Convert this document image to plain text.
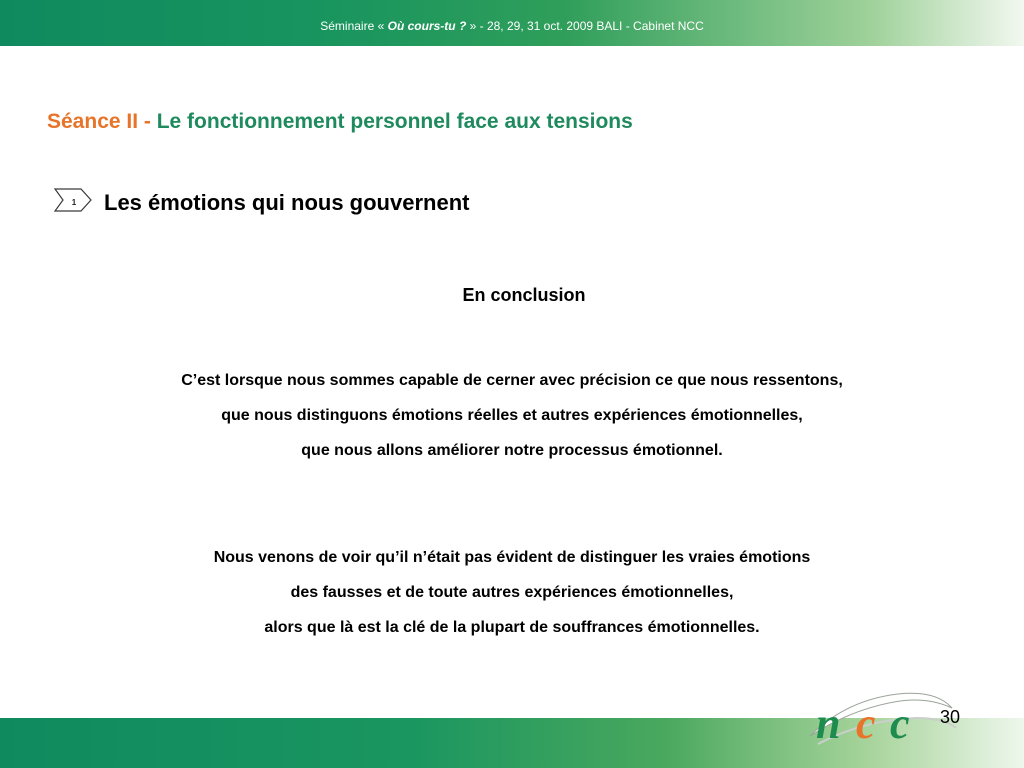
Séminaire « Où cours-tu ? » - 28, 29, 31 oct. 2009 BALI - Cabinet NCC
Séance II - Le fonctionnement personnel face aux tensions
1 Les émotions qui nous gouvernent
En conclusion
C’est lorsque nous sommes capable de cerner avec précision ce que nous ressentons,
que nous distinguons émotions réelles et autres expériences émotionnelles,
que nous allons améliorer notre processus émotionnel.
Nous venons de voir qu’il n’était pas évident de distinguer les vraies émotions
des fausses et de toute autres expériences émotionnelles,
alors que là est la clé de la plupart de souffrances émotionnelles.
n c c 30
